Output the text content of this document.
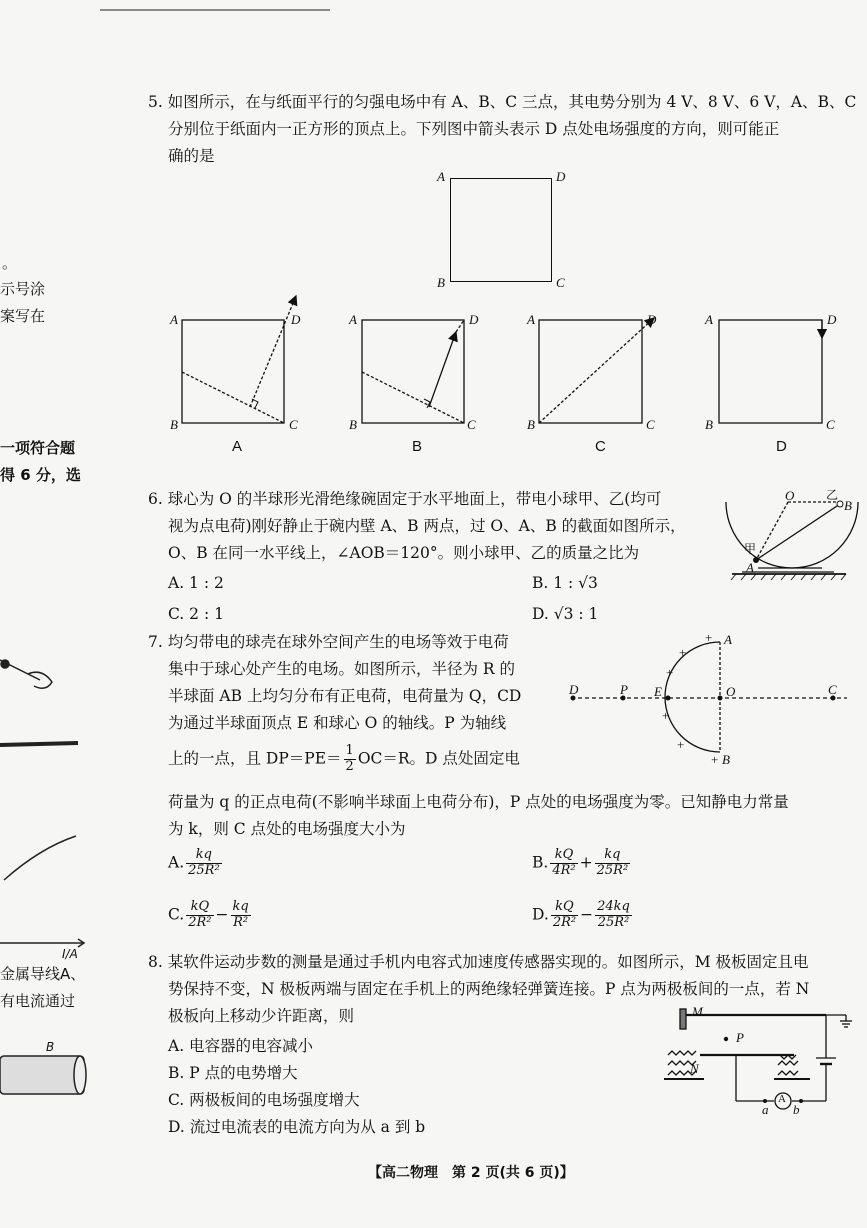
。
示号涂
案写在
一项符合题
得 6 分，选
I/A
金属导线A、
有电流通过
B
5. 如图所示，在与纸面平行的匀强电场中有 A、B、C 三点，其电势分别为 4 V、8 V、6 V，A、B、C
分别位于纸面内一正方形的顶点上。下列图中箭头表示 D 点处电场强度的方向，则可能正
确的是
A	D
B	C
A	D
B	C
A	D
B	C
A	D
B	C
A	D
B	C
A	B	C	D
6. 球心为 O 的半球形光滑绝缘碗固定于水平地面上，带电小球甲、乙(均可
视为点电荷)刚好静止于碗内壁 A、B 两点，过 O、A、B 的截面如图所示，
O、B 在同一水平线上，∠AOB＝120°。则小球甲、乙的质量之比为
A. 1 : 2	B. 1 : √3
C. 2 : 1	D. √3 : 1
O	乙
B
甲
A
7. 均匀带电的球壳在球外空间产生的电场等效于电荷
集中于球心处产生的电场。如图所示，半径为 R 的
半球面 AB 上均匀分布有正电荷，电荷量为 Q，CD
为通过半球面顶点 E 和球心 O 的轴线。P 为轴线
上的一点，且 $DP=PE= \frac{1}{2} OC=R$。D 点处固定电
荷量为 q 的正点电荷(不影响半球面上电荷分布)，P 点处的电场强度为零。已知静电力常量
为 k，则 C 点处的电场强度大小为
A. $\frac{kq}{\text{25R²}}$	B. $\frac{kQ}{\text{4R²}} + \frac{kq}{\text{25R²}}$
C. $\frac{kQ}{\text{2R²}} - \frac{kq}{\text{R²}}$	D. $\frac{kQ}{\text{2R²}} - \frac{24kq}{\text{25R²}}$
D	P E	O	C
A
B
+
+
+
+
+
+
8. 某软件运动步数的测量是通过手机内电容式加速度传感器实现的。如图所示，M 极板固定且电
势保持不变，N 极板两端与固定在手机上的两绝缘轻弹簧连接。P 点为两极板间的一点，若 N
极板向上移动少许距离，则
A. 电容器的电容减小
B. P 点的电势增大
C. 两极板间的电场强度增大
D. 流过电流表的电流方向为从 a 到 b
M
P
N
a b
A
【高二物理　第 2 页(共 6 页)】
